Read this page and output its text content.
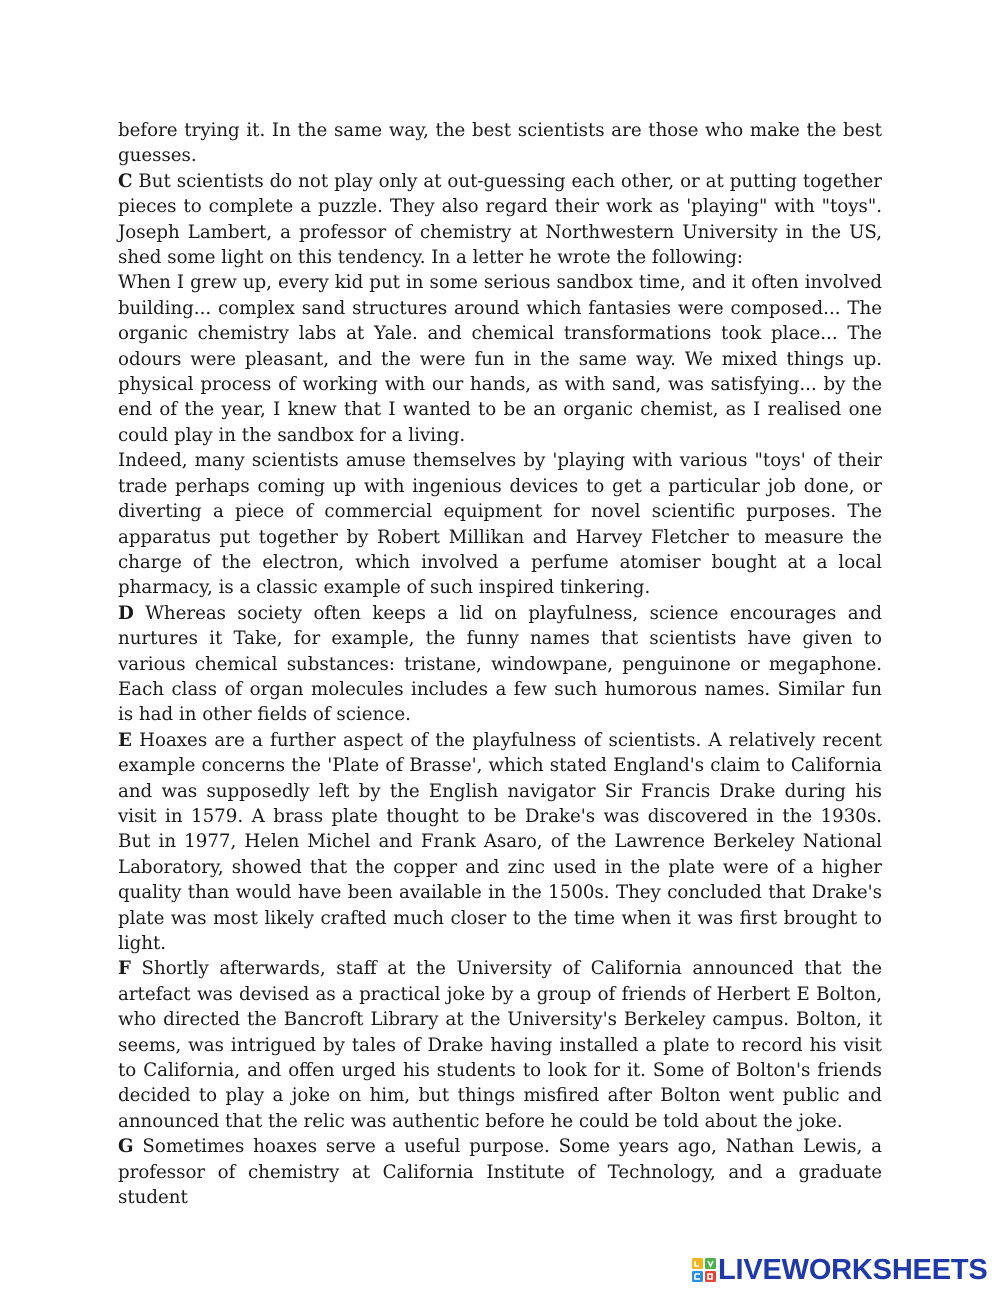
before trying it. In the same way, the best scientists are those who make the best guesses.

C But scientists do not play only at out-guessing each other, or at putting together pieces to complete a puzzle. They also regard their work as 'playing" with "toys". Joseph Lambert, a professor of chemistry at Northwestern University in the US, shed some light on this tendency. In a letter he wrote the following:

When I grew up, every kid put in some serious sandbox time, and it often involved building... complex sand structures around which fantasies were composed... The organic chemistry labs at Yale. and chemical transformations took place... The odours were pleasant, and the were fun in the same way. We mixed things up. physical process of working with our hands, as with sand, was satisfying... by the end of the year, I knew that I wanted to be an organic chemist, as I realised one could play in the sandbox for a living.

Indeed, many scientists amuse themselves by 'playing with various "toys' of their trade perhaps coming up with ingenious devices to get a particular job done, or diverting a piece of commercial equipment for novel scientific purposes. The apparatus put together by Robert Millikan and Harvey Fletcher to measure the charge of the electron, which involved a perfume atomiser bought at a local pharmacy, is a classic example of such inspired tinkering.

D Whereas society often keeps a lid on playfulness, science encourages and nurtures it Take, for example, the funny names that scientists have given to various chemical substances: tristane, windowpane, penguinone or megaphone. Each class of organ molecules includes a few such humorous names. Similar fun is had in other fields of science.

E Hoaxes are a further aspect of the playfulness of scientists. A relatively recent example concerns the 'Plate of Brasse', which stated England's claim to California and was supposedly left by the English navigator Sir Francis Drake during his visit in 1579. A brass plate thought to be Drake's was discovered in the 1930s. But in 1977, Helen Michel and Frank Asaro, of the Lawrence Berkeley National Laboratory, showed that the copper and zinc used in the plate were of a higher quality than would have been available in the 1500s. They concluded that Drake's plate was most likely crafted much closer to the time when it was first brought to light.

F Shortly afterwards, staff at the University of California announced that the artefact was devised as a practical joke by a group of friends of Herbert E Bolton, who directed the Bancroft Library at the University's Berkeley campus. Bolton, it seems, was intrigued by tales of Drake having installed a plate to record his visit to California, and offen urged his students to look for it. Some of Bolton's friends decided to play a joke on him, but things misfired after Bolton went public and announced that the relic was authentic before he could be told about the joke.

G Sometimes hoaxes serve a useful purpose. Some years ago, Nathan Lewis, a professor of chemistry at California Institute of Technology, and a graduate student

LIVEWORKSHEETS
